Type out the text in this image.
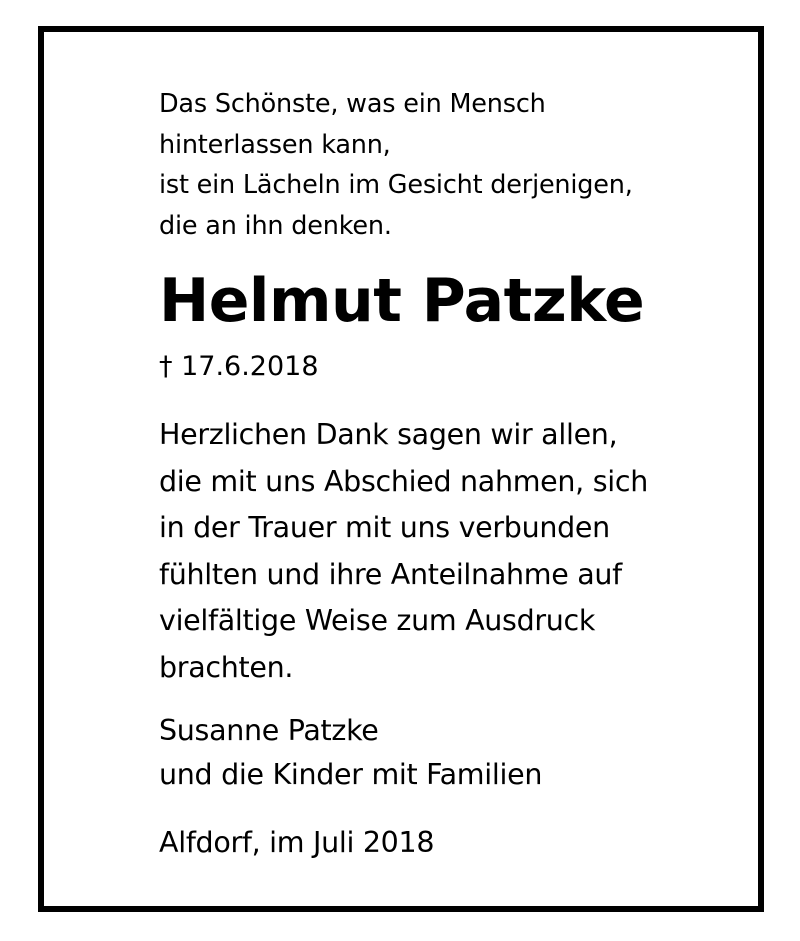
Das Schönste, was ein Mensch
hinterlassen kann,
ist ein Lächeln im Gesicht derjenigen,
die an ihn denken.

Helmut Patzke

† 17.6.2018

Herzlichen Dank sagen wir allen,
die mit uns Abschied nahmen, sich
in der Trauer mit uns verbunden
fühlten und ihre Anteilnahme auf
vielfältige Weise zum Ausdruck
brachten.

Susanne Patzke
und die Kinder mit Familien

Alfdorf, im Juli 2018
